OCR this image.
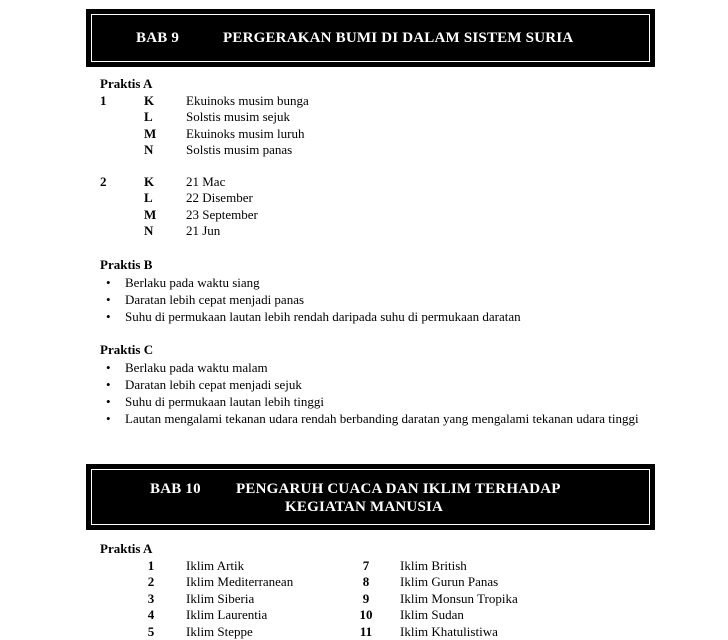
BAB 9	PERGERAKAN BUMI DI DALAM SISTEM SURIA
Praktis A
1	K Ekuinoks musim bunga
L	Solstis musim sejuk
M Ekuinoks musim luruh
N	Solstis musim panas
2	K 21 Mac
L	22 Disember
M 23 September
N	21 Jun
Praktis B
• Berlaku pada waktu siang
• Daratan lebih cepat menjadi panas
• Suhu di permukaan lautan lebih rendah daripada suhu di permukaan daratan
Praktis C
• Berlaku pada waktu malam
• Daratan lebih cepat menjadi sejuk
• Suhu di permukaan lautan lebih tinggi
• Lautan mengalami tekanan udara rendah berbanding daratan yang mengalami tekanan udara tinggi
BAB 10 PENGARUH CUACA DAN IKLIM TERHADAP
KEGIATAN MANUSIA
Praktis A
1 Iklim Artik	7	Iklim British
2 Iklim Mediterranean	8	Iklim Gurun Panas
3 Iklim Siberia	9	Iklim Monsun Tropika
4 Iklim Laurentia	10 Iklim Sudan
5 Iklim Steppe	11 Iklim Khatulistiwa
